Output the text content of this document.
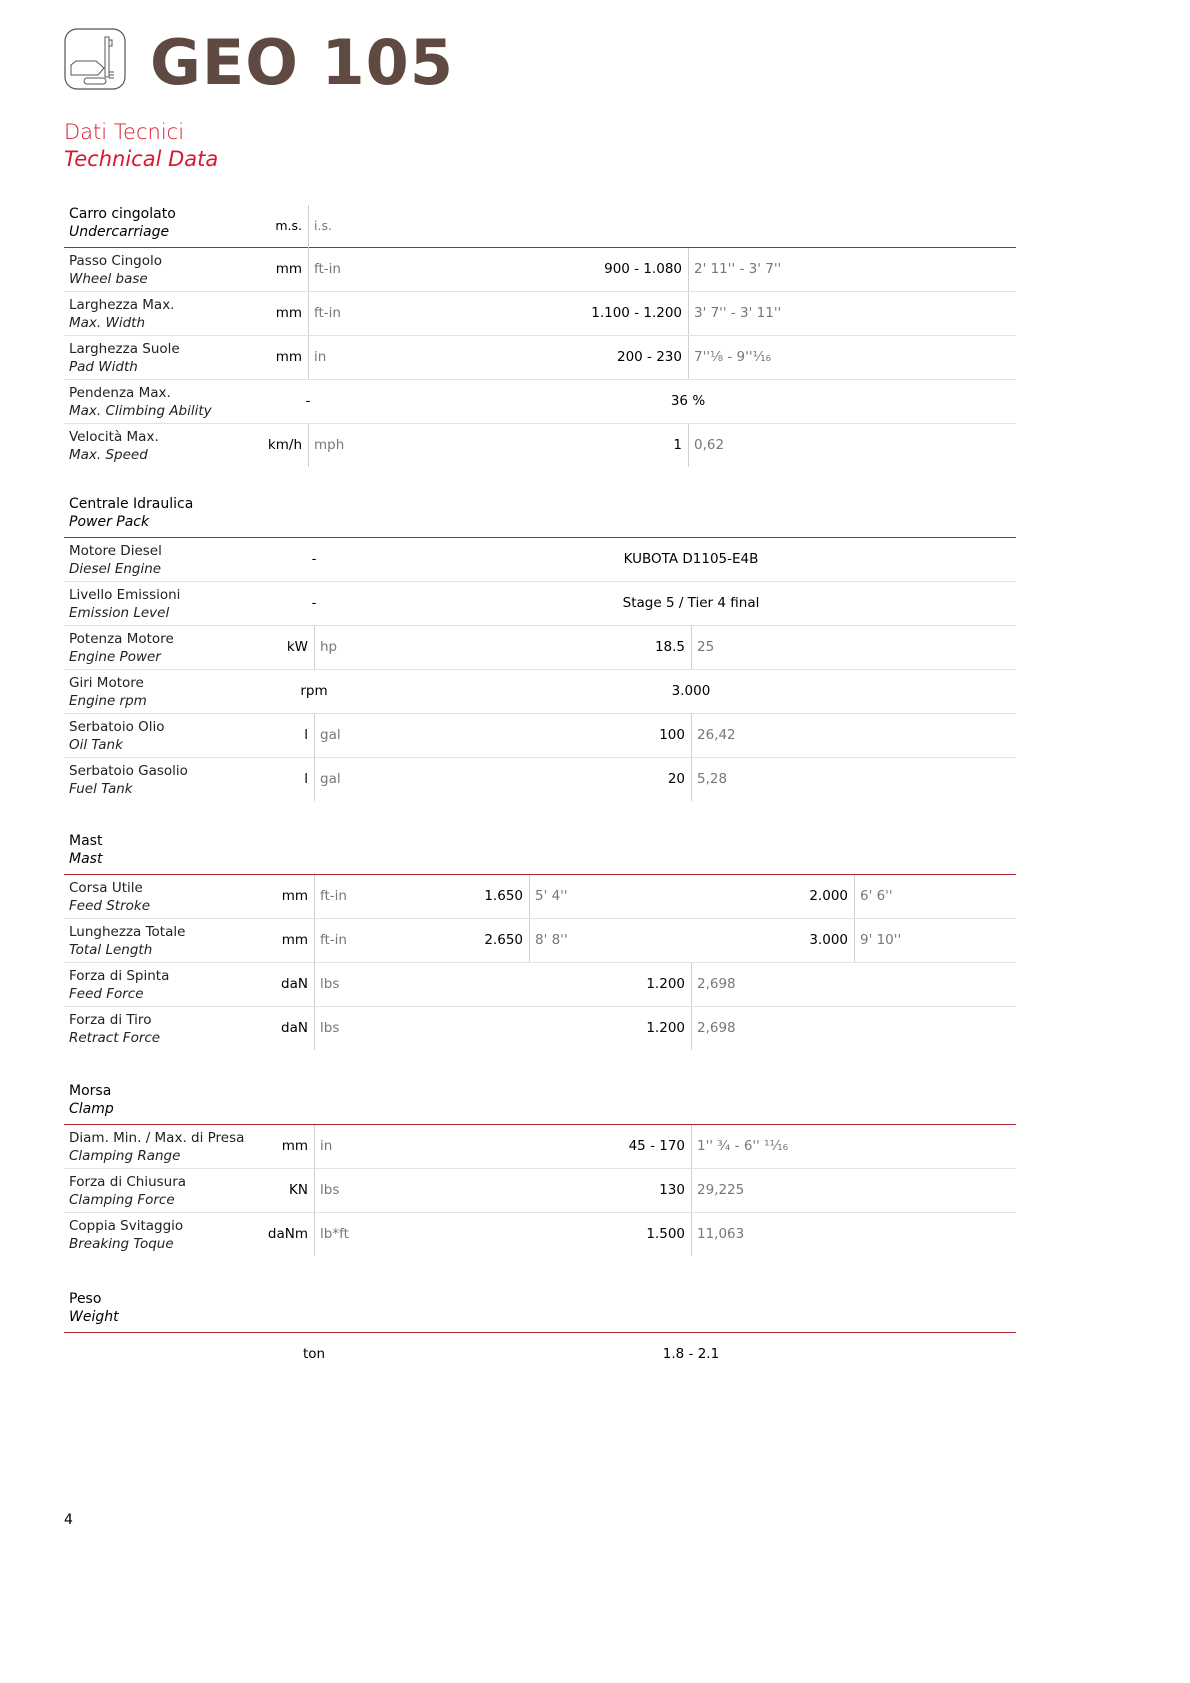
GEO 105
Dati Tecnici
Technical Data
Carro cingolato
Undercarriage	m.s. i.s.
Passo Cingolo
Wheel base
mm ft-in	900 - 1.080 2' 11'' - 3' 7''
Larghezza Max.
Max. Width
mm ft-in	1.100 - 1.200 3' 7'' - 3' 11''
Larghezza Suole
Pad Width
mm in	200 - 230 7''⅛ - 9''¹⁄₁₆
Pendenza Max.
Max. Climbing Ability
-	36 %
Velocità Max.
Max. Speed
km/h mph	1 0,62
Centrale Idraulica
Power Pack
Motore Diesel
Diesel Engine
-	KUBOTA D1105-E4B
Livello Emissioni
Emission Level
-	Stage 5 / Tier 4 final
Potenza Motore
Engine Power
kW hp	18.5 25
Giri Motore
Engine rpm
rpm	3.000
Serbatoio Olio
Oil Tank
l gal	100 26,42
Serbatoio Gasolio
Fuel Tank
l gal	20 5,28
Mast
Mast
Corsa Utile
Feed Stroke
mm ft-in	1.650 5' 4''	2.000 6' 6''
Lunghezza Totale
Total Length
mm ft-in	2.650 8' 8''	3.000 9' 10''
Forza di Spinta
Feed Force
daN lbs	1.200 2,698
Forza di Tiro
Retract Force
daN lbs	1.200 2,698
Morsa
Clamp
Diam. Min. / Max. di Presa
Clamping Range
mm in	45 - 170 1'' ¾ - 6'' ¹¹⁄₁₆
Forza di Chiusura
Clamping Force
KN lbs	130 29,225
Coppia Svitaggio
Breaking Toque
daNm lb*ft	1.500 11,063
Peso
Weight
ton	1.8 - 2.1
4
